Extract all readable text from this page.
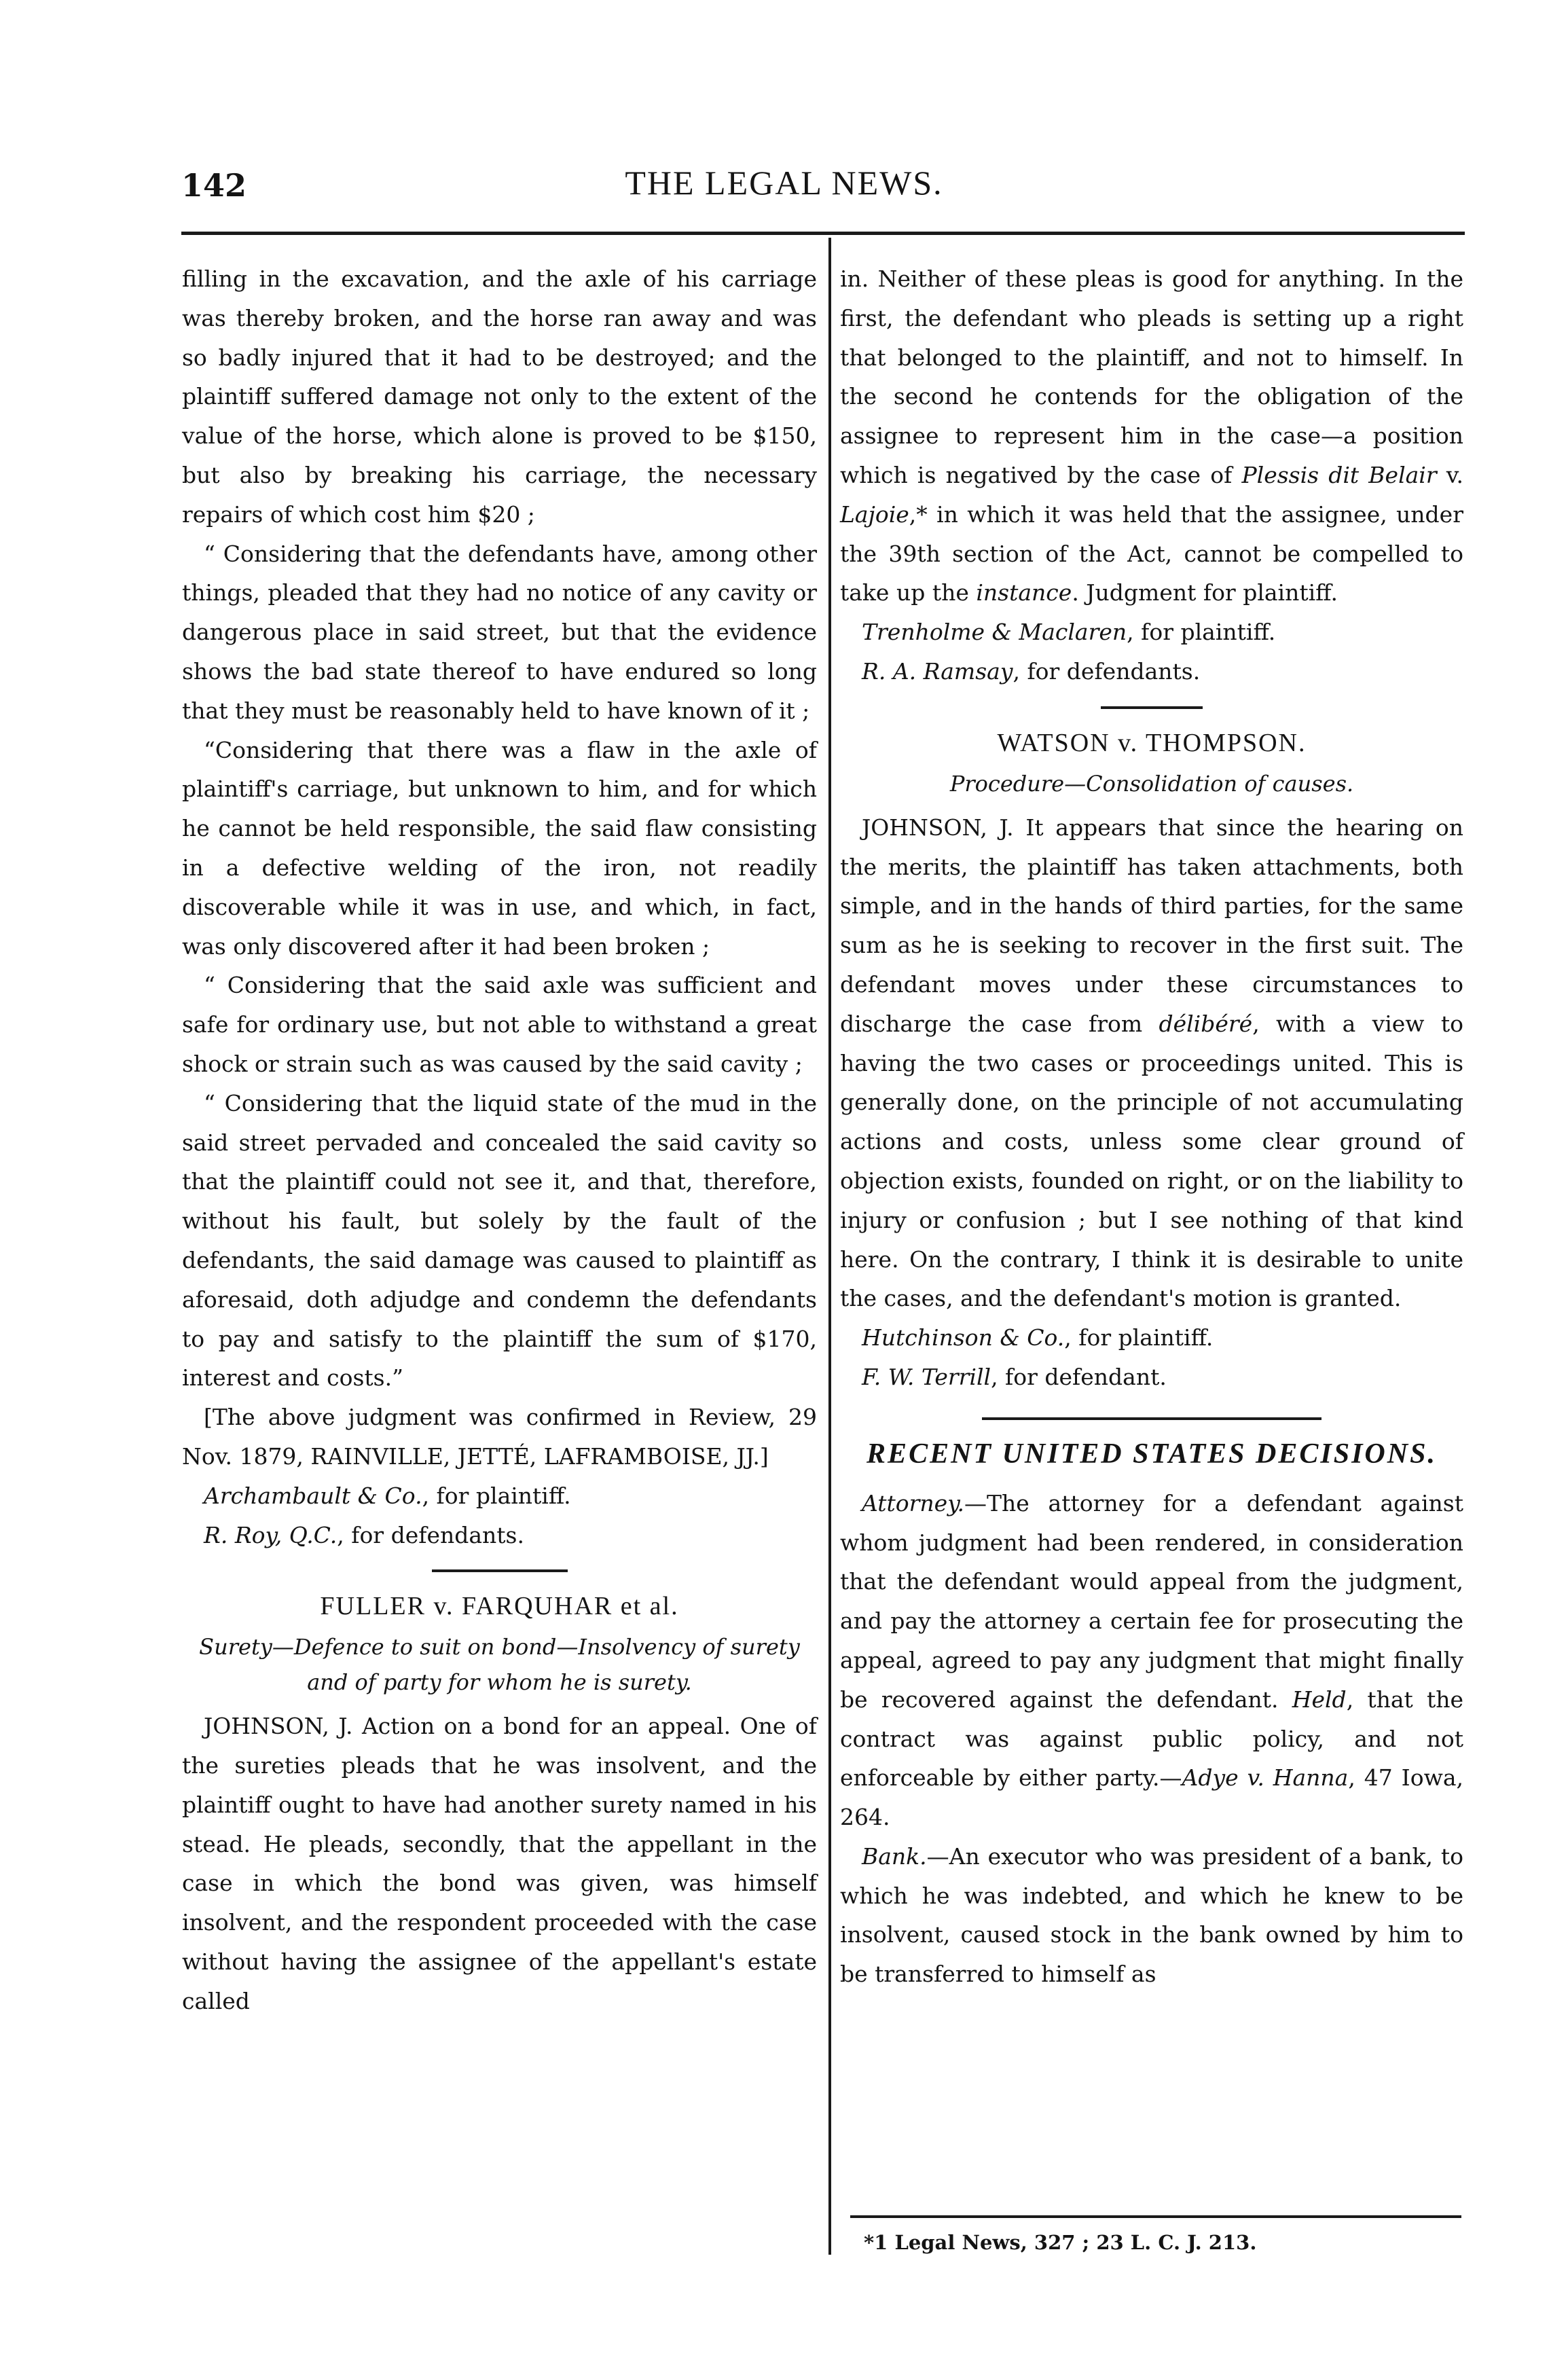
142	THE LEGAL NEWS.

filling in the excavation, and the axle of his carriage was thereby broken, and the horse ran away and was so badly injured that it had to be destroyed; and the plaintiff suffered damage not only to the extent of the value of the horse, which alone is proved to be $150, but also by breaking his carriage, the necessary repairs of which cost him $20 ;

“ Considering that the defendants have, among other things, pleaded that they had no notice of any cavity or dangerous place in said street, but that the evidence shows the bad state thereof to have endured so long that they must be reasonably held to have known of it ;

“Considering that there was a flaw in the axle of plaintiff's carriage, but unknown to him, and for which he cannot be held responsible, the said flaw consisting in a defective welding of the iron, not readily discoverable while it was in use, and which, in fact, was only discovered after it had been broken ;

“ Considering that the said axle was sufficient and safe for ordinary use, but not able to withstand a great shock or strain such as was caused by the said cavity ;

“ Considering that the liquid state of the mud in the said street pervaded and concealed the said cavity so that the plaintiff could not see it, and that, therefore, without his fault, but solely by the fault of the defendants, the said damage was caused to plaintiff as aforesaid, doth adjudge and condemn the defendants to pay and satisfy to the plaintiff the sum of $170, interest and costs.”

[The above judgment was confirmed in Review, 29 Nov. 1879, RAINVILLE, JETTÉ, LAFRAMBOISE, JJ.]

Archambault & Co., for plaintiff.

R. Roy, Q.C., for defendants.

FULLER v. FARQUHAR et al.
Surety—Defence to suit on bond—Insolvency of surety and of party for whom he is surety.

JOHNSON, J. Action on a bond for an appeal. One of the sureties pleads that he was insolvent, and the plaintiff ought to have had another surety named in his stead. He pleads, secondly, that the appellant in the case in which the bond was given, was himself insolvent, and the respondent proceeded with the case without having the assignee of the appellant's estate called

in. Neither of these pleas is good for anything. In the first, the defendant who pleads is setting up a right that belonged to the plaintiff, and not to himself. In the second he contends for the obligation of the assignee to represent him in the case—a position which is negatived by the case of Plessis dit Belair v. Lajoie,* in which it was held that the assignee, under the 39th section of the Act, cannot be compelled to take up the instance. Judgment for plaintiff.

Trenholme & Maclaren, for plaintiff.

R. A. Ramsay, for defendants.

WATSON v. THOMPSON.
Procedure—Consolidation of causes.

JOHNSON, J. It appears that since the hearing on the merits, the plaintiff has taken attachments, both simple, and in the hands of third parties, for the same sum as he is seeking to recover in the first suit. The defendant moves under these circumstances to discharge the case from délibéré, with a view to having the two cases or proceedings united. This is generally done, on the principle of not accumulating actions and costs, unless some clear ground of objection exists, founded on right, or on the liability to injury or confusion ; but I see nothing of that kind here. On the contrary, I think it is desirable to unite the cases, and the defendant's motion is granted.

Hutchinson & Co., for plaintiff.

F. W. Terrill, for defendant.

RECENT UNITED STATES DECISIONS.

Attorney.—The attorney for a defendant against whom judgment had been rendered, in consideration that the defendant would appeal from the judgment, and pay the attorney a certain fee for prosecuting the appeal, agreed to pay any judgment that might finally be recovered against the defendant. Held, that the contract was against public policy, and not enforceable by either party.—Adye v. Hanna, 47 Iowa, 264.

Bank.—An executor who was president of a bank, to which he was indebted, and which he knew to be insolvent, caused stock in the bank owned by him to be transferred to himself as

*1 Legal News, 327 ; 23 L. C. J. 213.
